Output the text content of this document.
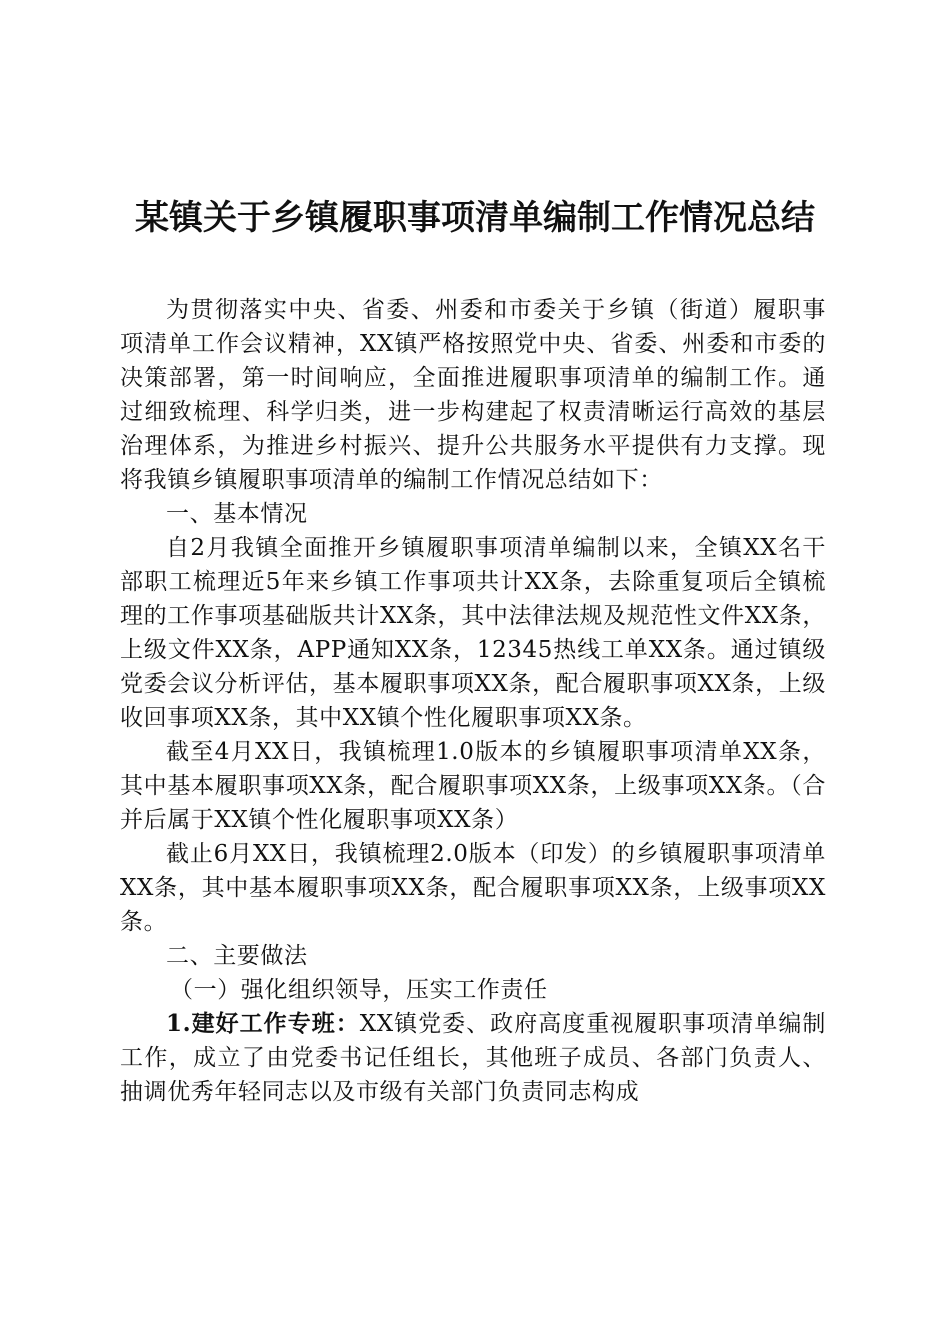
某镇关于乡镇履职事项清单编制工作情况总结

为贯彻落实中央、省委、州委和市委关于乡镇（街道）履职事项清单工作会议精神，XX镇严格按照党中央、省委、州委和市委的决策部署，第一时间响应，全面推进履职事项清单的编制工作。通过细致梳理、科学归类，进一步构建起了权责清晰运行高效的基层治理体系，为推进乡村振兴、提升公共服务水平提供有力支撑。现将我镇乡镇履职事项清单的编制工作情况总结如下：

一、基本情况

自2月我镇全面推开乡镇履职事项清单编制以来，全镇XX名干部职工梳理近5年来乡镇工作事项共计XX条，去除重复项后全镇梳理的工作事项基础版共计XX条，其中法律法规及规范性文件XX条，上级文件XX条，APP通知XX条，12345热线工单XX条。通过镇级党委会议分析评估，基本履职事项XX条，配合履职事项XX条，上级收回事项XX条，其中XX镇个性化履职事项XX条。

截至4月XX日，我镇梳理1.0版本的乡镇履职事项清单XX条，其中基本履职事项XX条，配合履职事项XX条，上级事项XX条。（合并后属于XX镇个性化履职事项XX条）

截止6月XX日，我镇梳理2.0版本（印发）的乡镇履职事项清单XX条，其中基本履职事项XX条，配合履职事项XX条，上级事项XX条。

二、主要做法

（一）强化组织领导，压实工作责任

1.建好工作专班：XX镇党委、政府高度重视履职事项清单编制工作，成立了由党委书记任组长，其他班子成员、各部门负责人、抽调优秀年轻同志以及市级有关部门负责同志构成
